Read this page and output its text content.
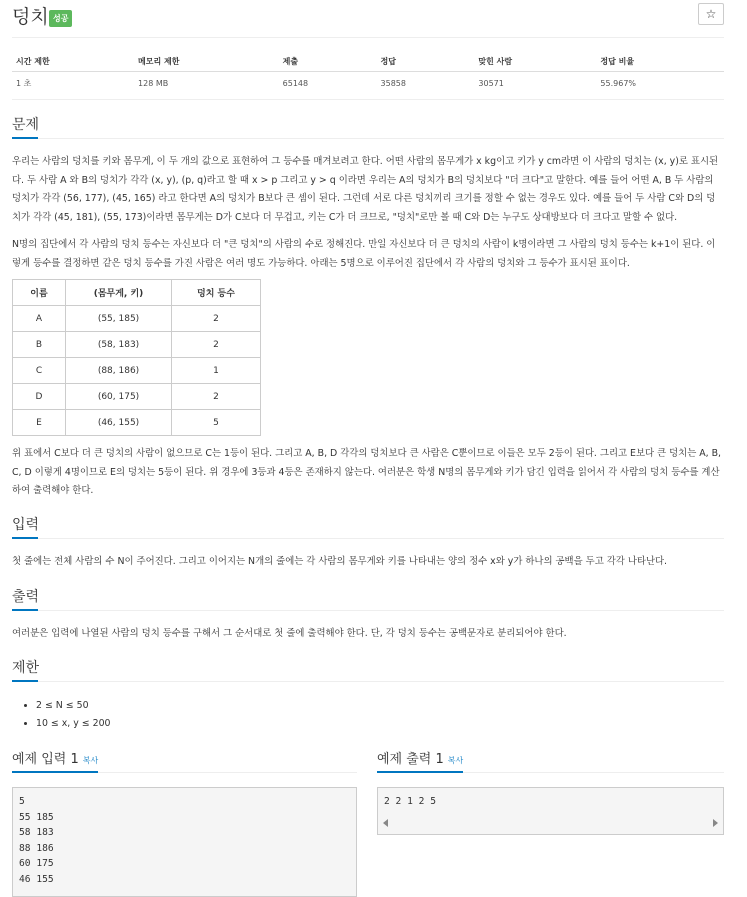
덩치 성공	☆
시간 제한	메모리 제한	제출	정답	맞힌 사람	정답 비율
1 초	128 MB	65148	35858	30571	55.967%
문제
우리는 사람의 덩치를 키와 몸무게, 이 두 개의 값으로 표현하여 그 등수를 매겨보려고 한다. 어떤 사람의 몸무게가 x kg이고 키가 y cm라면 이 사람의 덩치는 (x, y)로 표시된다. 두 사람 A 와 B의 덩치가 각각 (x, y), (p, q)라고 할 때 x > p 그리고 y > q 이라면 우리는 A의 덩치가 B의 덩치보다 "더 크다"고 말한다. 예를 들어 어떤 A, B 두 사람의 덩치가 각각 (56, 177), (45, 165) 라고 한다면 A의 덩치가 B보다 큰 셈이 된다. 그런데 서로 다른 덩치끼리 크기를 정할 수 없는 경우도 있다. 예를 들어 두 사람 C와 D의 덩치가 각각 (45, 181), (55, 173)이라면 몸무게는 D가 C보다 더 무겁고, 키는 C가 더 크므로, "덩치"로만 볼 때 C와 D는 누구도 상대방보다 더 크다고 말할 수 없다.
N명의 집단에서 각 사람의 덩치 등수는 자신보다 더 "큰 덩치"의 사람의 수로 정해진다. 만일 자신보다 더 큰 덩치의 사람이 k명이라면 그 사람의 덩치 등수는 k+1이 된다. 이렇게 등수를 결정하면 같은 덩치 등수를 가진 사람은 여러 명도 가능하다. 아래는 5명으로 이루어진 집단에서 각 사람의 덩치와 그 등수가 표시된 표이다.
이름	(몸무게, 키)	덩치 등수
A	(55, 185)	2
B	(58, 183)	2
C	(88, 186)	1
D	(60, 175)	2
E	(46, 155)	5
위 표에서 C보다 더 큰 덩치의 사람이 없으므로 C는 1등이 된다. 그리고 A, B, D 각각의 덩치보다 큰 사람은 C뿐이므로 이들은 모두 2등이 된다. 그리고 E보다 큰 덩치는 A, B, C, D 이렇게 4명이므로 E의 덩치는 5등이 된다. 위 경우에 3등과 4등은 존재하지 않는다. 여러분은 학생 N명의 몸무게와 키가 담긴 입력을 읽어서 각 사람의 덩치 등수를 계산하여 출력해야 한다.
입력
첫 줄에는 전체 사람의 수 N이 주어진다. 그리고 이어지는 N개의 줄에는 각 사람의 몸무게와 키를 나타내는 양의 정수 x와 y가 하나의 공백을 두고 각각 나타난다.
출력
여러분은 입력에 나열된 사람의 덩치 등수를 구해서 그 순서대로 첫 줄에 출력해야 한다. 단, 각 덩치 등수는 공백문자로 분리되어야 한다.
제한
• 2 ≤ N ≤ 50
• 10 ≤ x, y ≤ 200
예제 입력 1 복사
5
55 185
58 183
88 186
60 175
46 155
예제 출력 1 복사
2 2 1 2 5
